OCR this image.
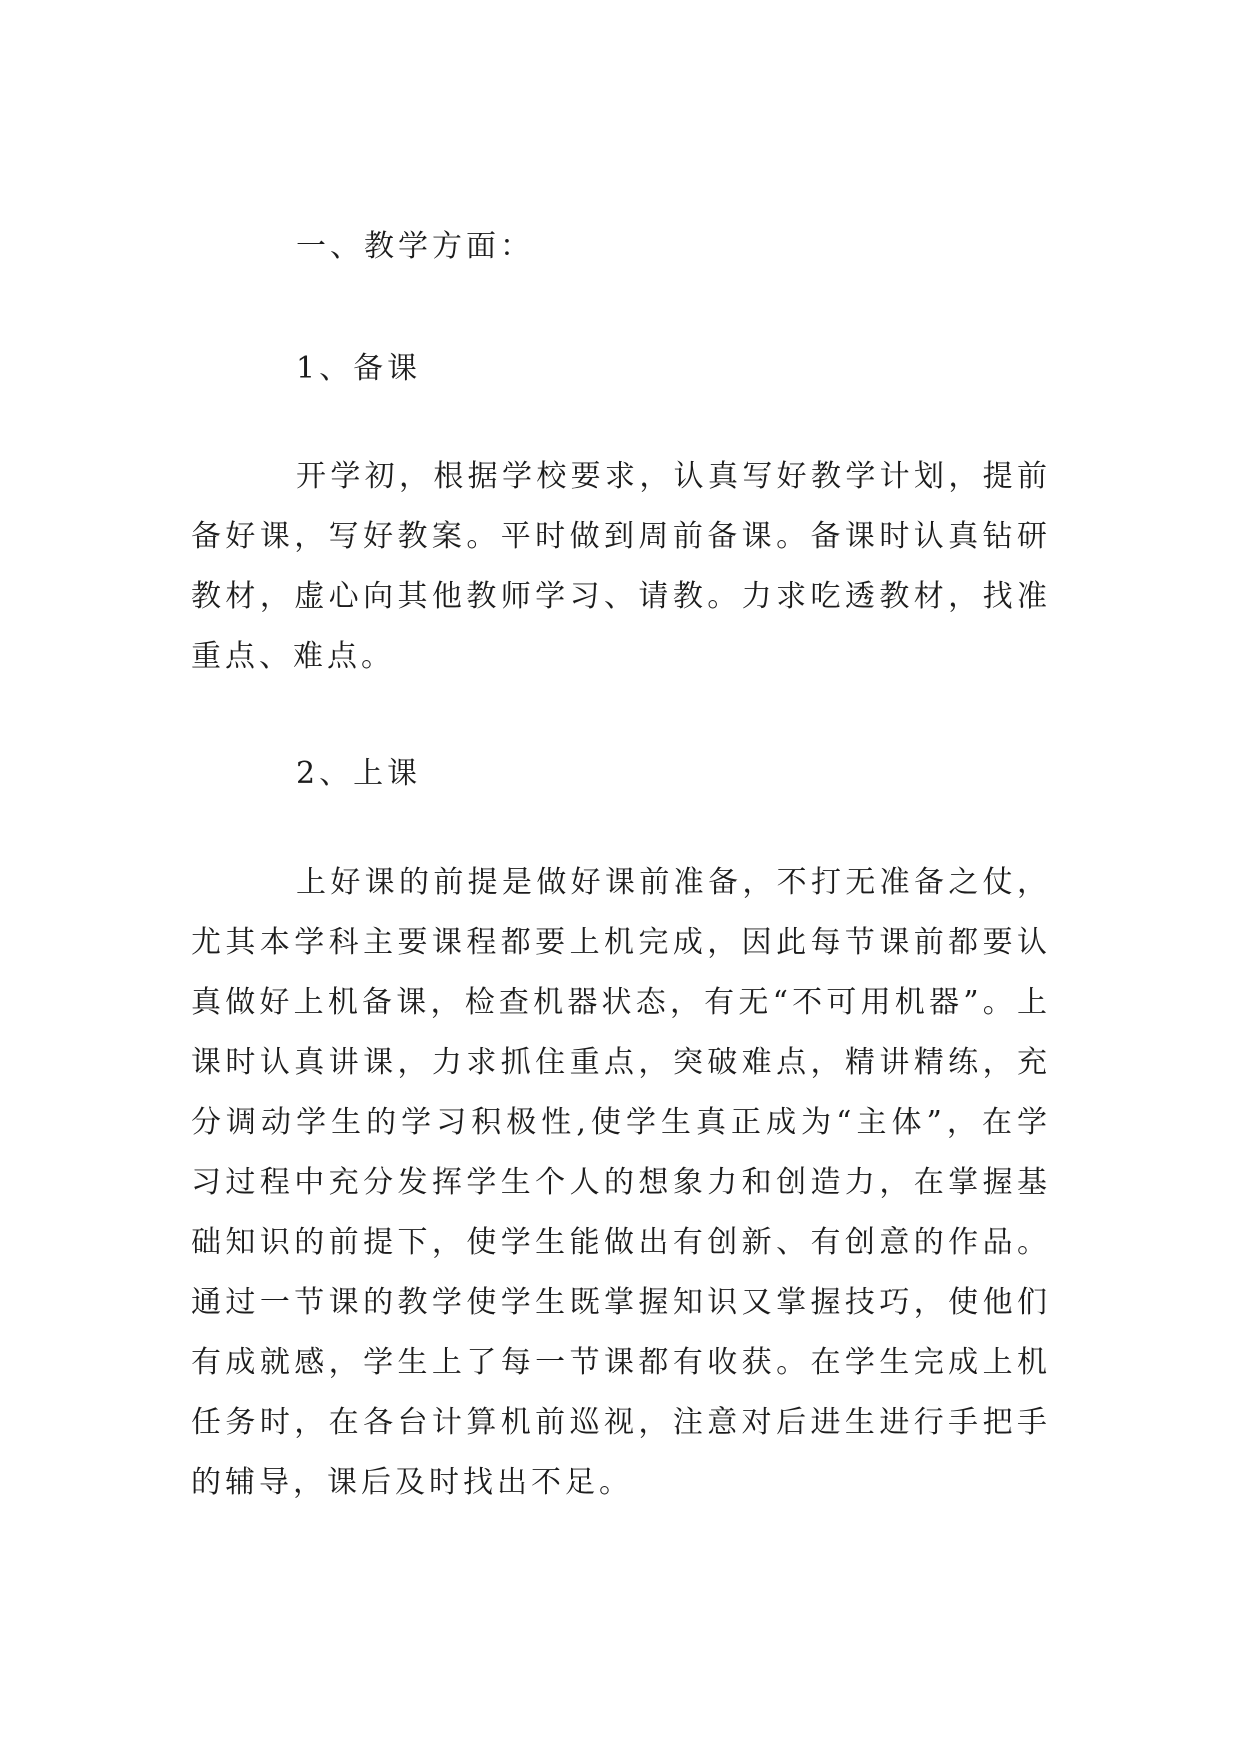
一、教学方面：
1、备课
开学初，根据学校要求，认真写好教学计划，提前备好课，写好教案。平时做到周前备课。备课时认真钻研教材，虚心向其他教师学习、请教。力求吃透教材，找准重点、难点。
2、上课
上好课的前提是做好课前准备，不打无准备之仗，尤其本学科主要课程都要上机完成，因此每节课前都要认真做好上机备课，检查机器状态，有无“不可用机器”。上课时认真讲课，力求抓住重点，突破难点，精讲精练，充分调动学生的学习积极性,使学生真正成为“主体”，在学习过程中充分发挥学生个人的想象力和创造力，在掌握基础知识的前提下，使学生能做出有创新、有创意的作品。通过一节课的教学使学生既掌握知识又掌握技巧，使他们有成就感，学生上了每一节课都有收获。在学生完成上机任务时，在各台计算机前巡视，注意对后进生进行手把手的辅导，课后及时找出不足。
